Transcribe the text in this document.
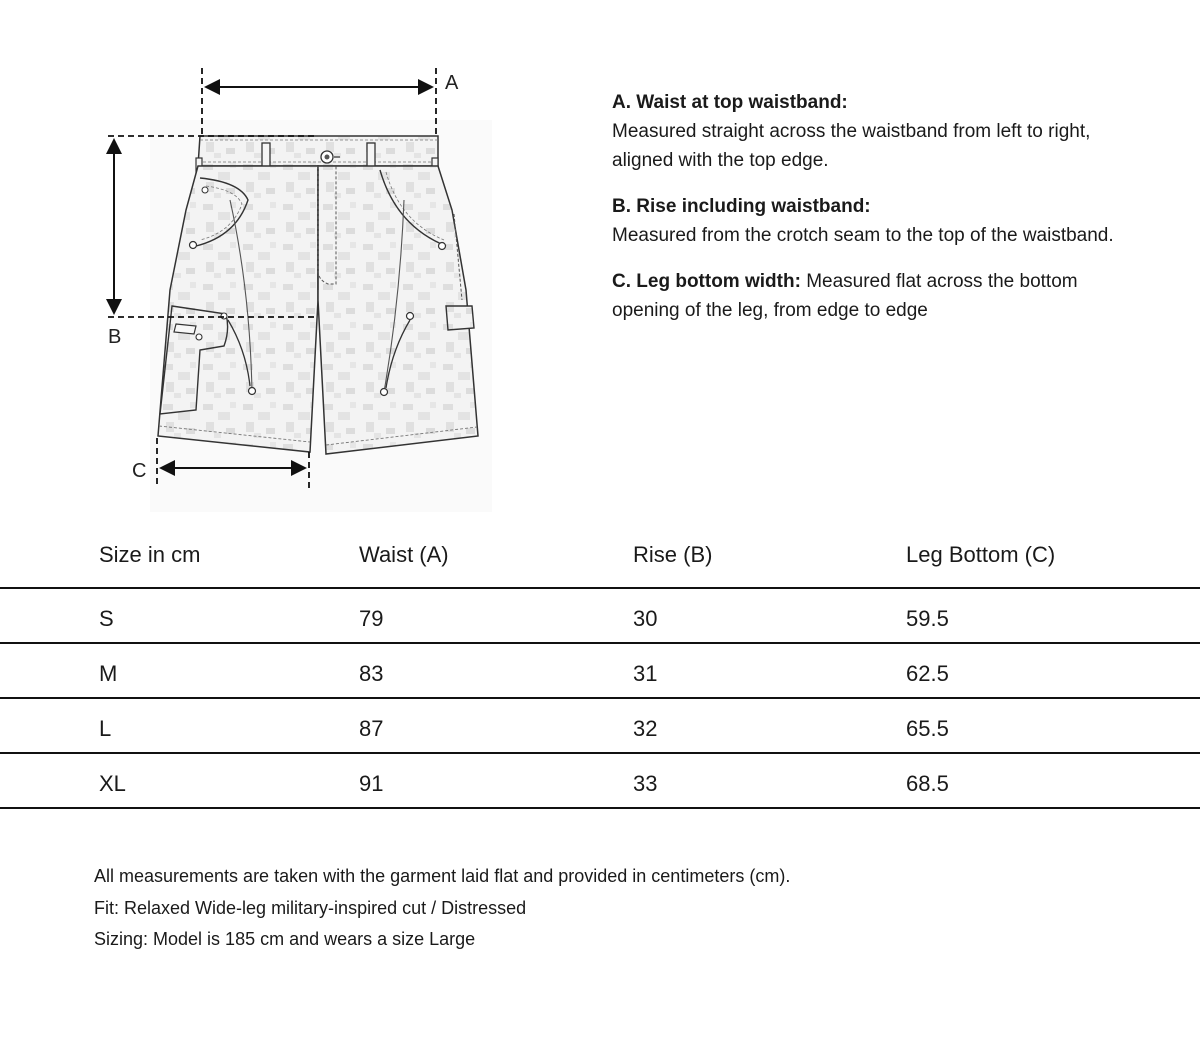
A
B
C
A. Waist at top waistband:
Measured straight across the waistband from left to right, aligned with the top edge.
B. Rise including waistband:
Measured from the crotch seam to the top of the waistband.
C. Leg bottom width: Measured flat across the bottom opening of the leg, from edge to edge
Size in cm	Waist (A)	Rise (B)	Leg Bottom (C)
S	79	30	59.5
M	83	31	62.5
L	87	32	65.5
XL	91	33	68.5
All measurements are taken with the garment laid flat and provided in centimeters (cm).
Fit: Relaxed Wide-leg military-inspired cut / Distressed
Sizing: Model is 185 cm and wears a size Large
